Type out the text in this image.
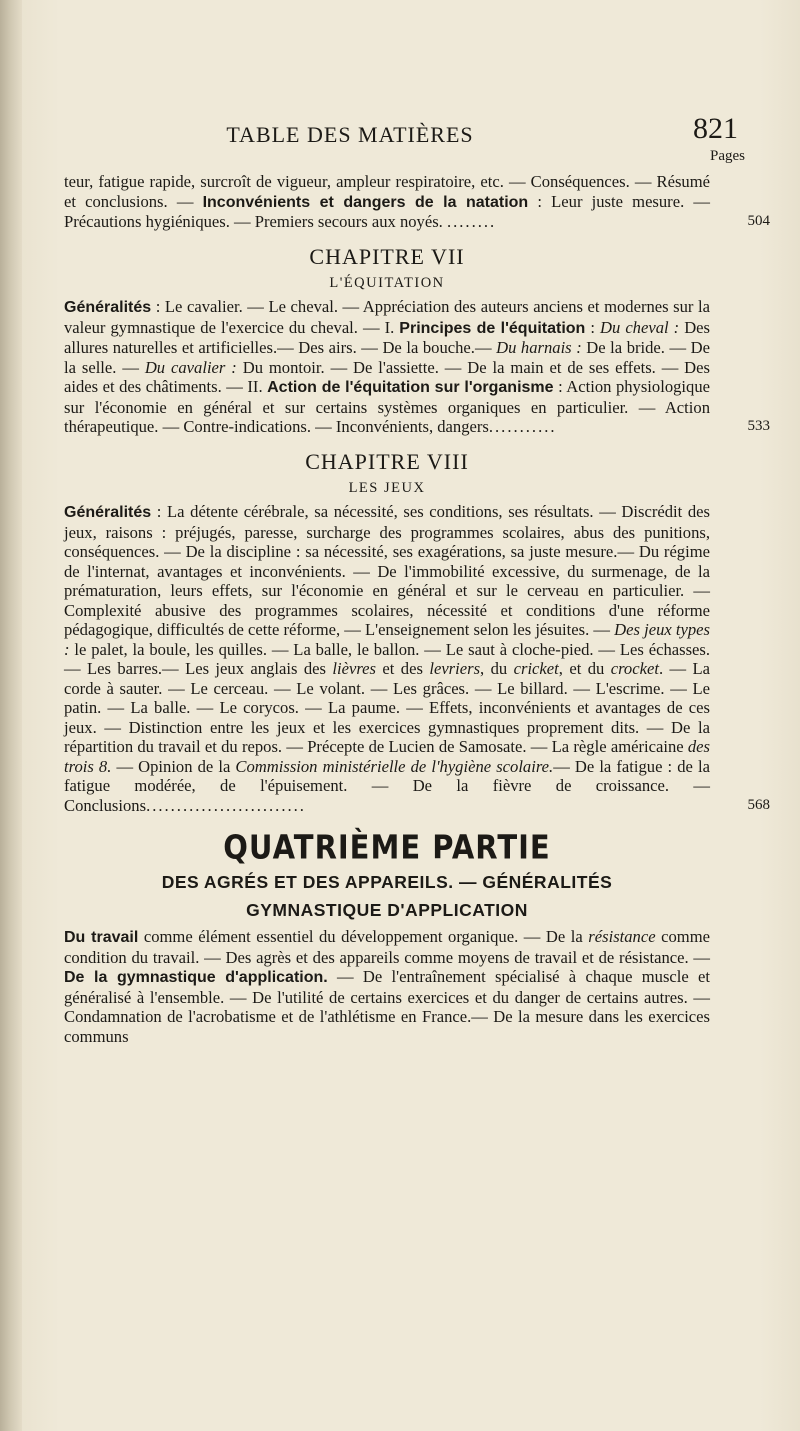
TABLE DES MATIÈRES	821
Pages
teur, fatigue rapide, surcroît de vigueur, ampleur respiratoire, etc. — Conséquences. — Résumé et conclusions. — Inconvénients et dangers de la natation : Leur juste mesure. — Précautions hygiéniques. — Premiers secours aux noyés. ........	504
CHAPITRE VII
L'ÉQUITATION
Généralités : Le cavalier. — Le cheval. — Appréciation des auteurs anciens et modernes sur la valeur gymnastique de l'exercice du cheval. — I. Principes de l'équitation : Du cheval : Des allures naturelles et artificielles.— Des airs. — De la bouche.— Du harnais : De la bride. — De la selle. — Du cavalier : Du montoir. — De l'assiette. — De la main et de ses effets. — Des aides et des châtiments. — II. Action de l'équitation sur l'organisme : Action physiologique sur l'économie en général et sur certains systèmes organiques en particulier. — Action thérapeutique. — Contre-indications. — Inconvénients, dangers...........	533
CHAPITRE VIII
LES JEUX
Généralités : La détente cérébrale, sa nécessité, ses conditions, ses résultats. — Discrédit des jeux, raisons : préjugés, paresse, surcharge des programmes scolaires, abus des punitions, conséquences. — De la discipline : sa nécessité, ses exagérations, sa juste mesure.— Du régime de l'internat, avantages et inconvénients. — De l'immobilité excessive, du surmenage, de la prématuration, leurs effets, sur l'économie en général et sur le cerveau en particulier. — Complexité abusive des programmes scolaires, nécessité et conditions d'une réforme pédagogique, difficultés de cette réforme, — L'enseignement selon les jésuites. — Des jeux types : le palet, la boule, les quilles. — La balle, le ballon. — Le saut à cloche-pied. — Les échasses. — Les barres.— Les jeux anglais des lièvres et des levriers, du cricket, et du crocket. — La corde à sauter. — Le cerceau. — Le volant. — Les grâces. — Le billard. — L'escrime. — Le patin. — La balle. — Le corycos. — La paume. — Effets, inconvénients et avantages de ces jeux. — Distinction entre les jeux et les exercices gymnastiques proprement dits. — De la répartition du travail et du repos. — Précepte de Lucien de Samosate. — La règle américaine des trois 8. — Opinion de la Commission ministérielle de l'hygiène scolaire.— De la fatigue : de la fatigue modérée, de l'épuisement. — De la fièvre de croissance. — Conclusions..........................	568
QUATRIÈME PARTIE
DES AGRÉS ET DES APPAREILS. — GÉNÉRALITÉS
GYMNASTIQUE D'APPLICATION
Du travail comme élément essentiel du développement organique. — De la résistance comme condition du travail. — Des agrès et des appareils comme moyens de travail et de résistance. — De la gymnastique d'application. — De l'entraînement spécialisé à chaque muscle et généralisé à l'ensemble. — De l'utilité de certains exercices et du danger de certains autres. — Condamnation de l'acrobatisme et de l'athlétisme en France.— De la mesure dans les exercices communs
